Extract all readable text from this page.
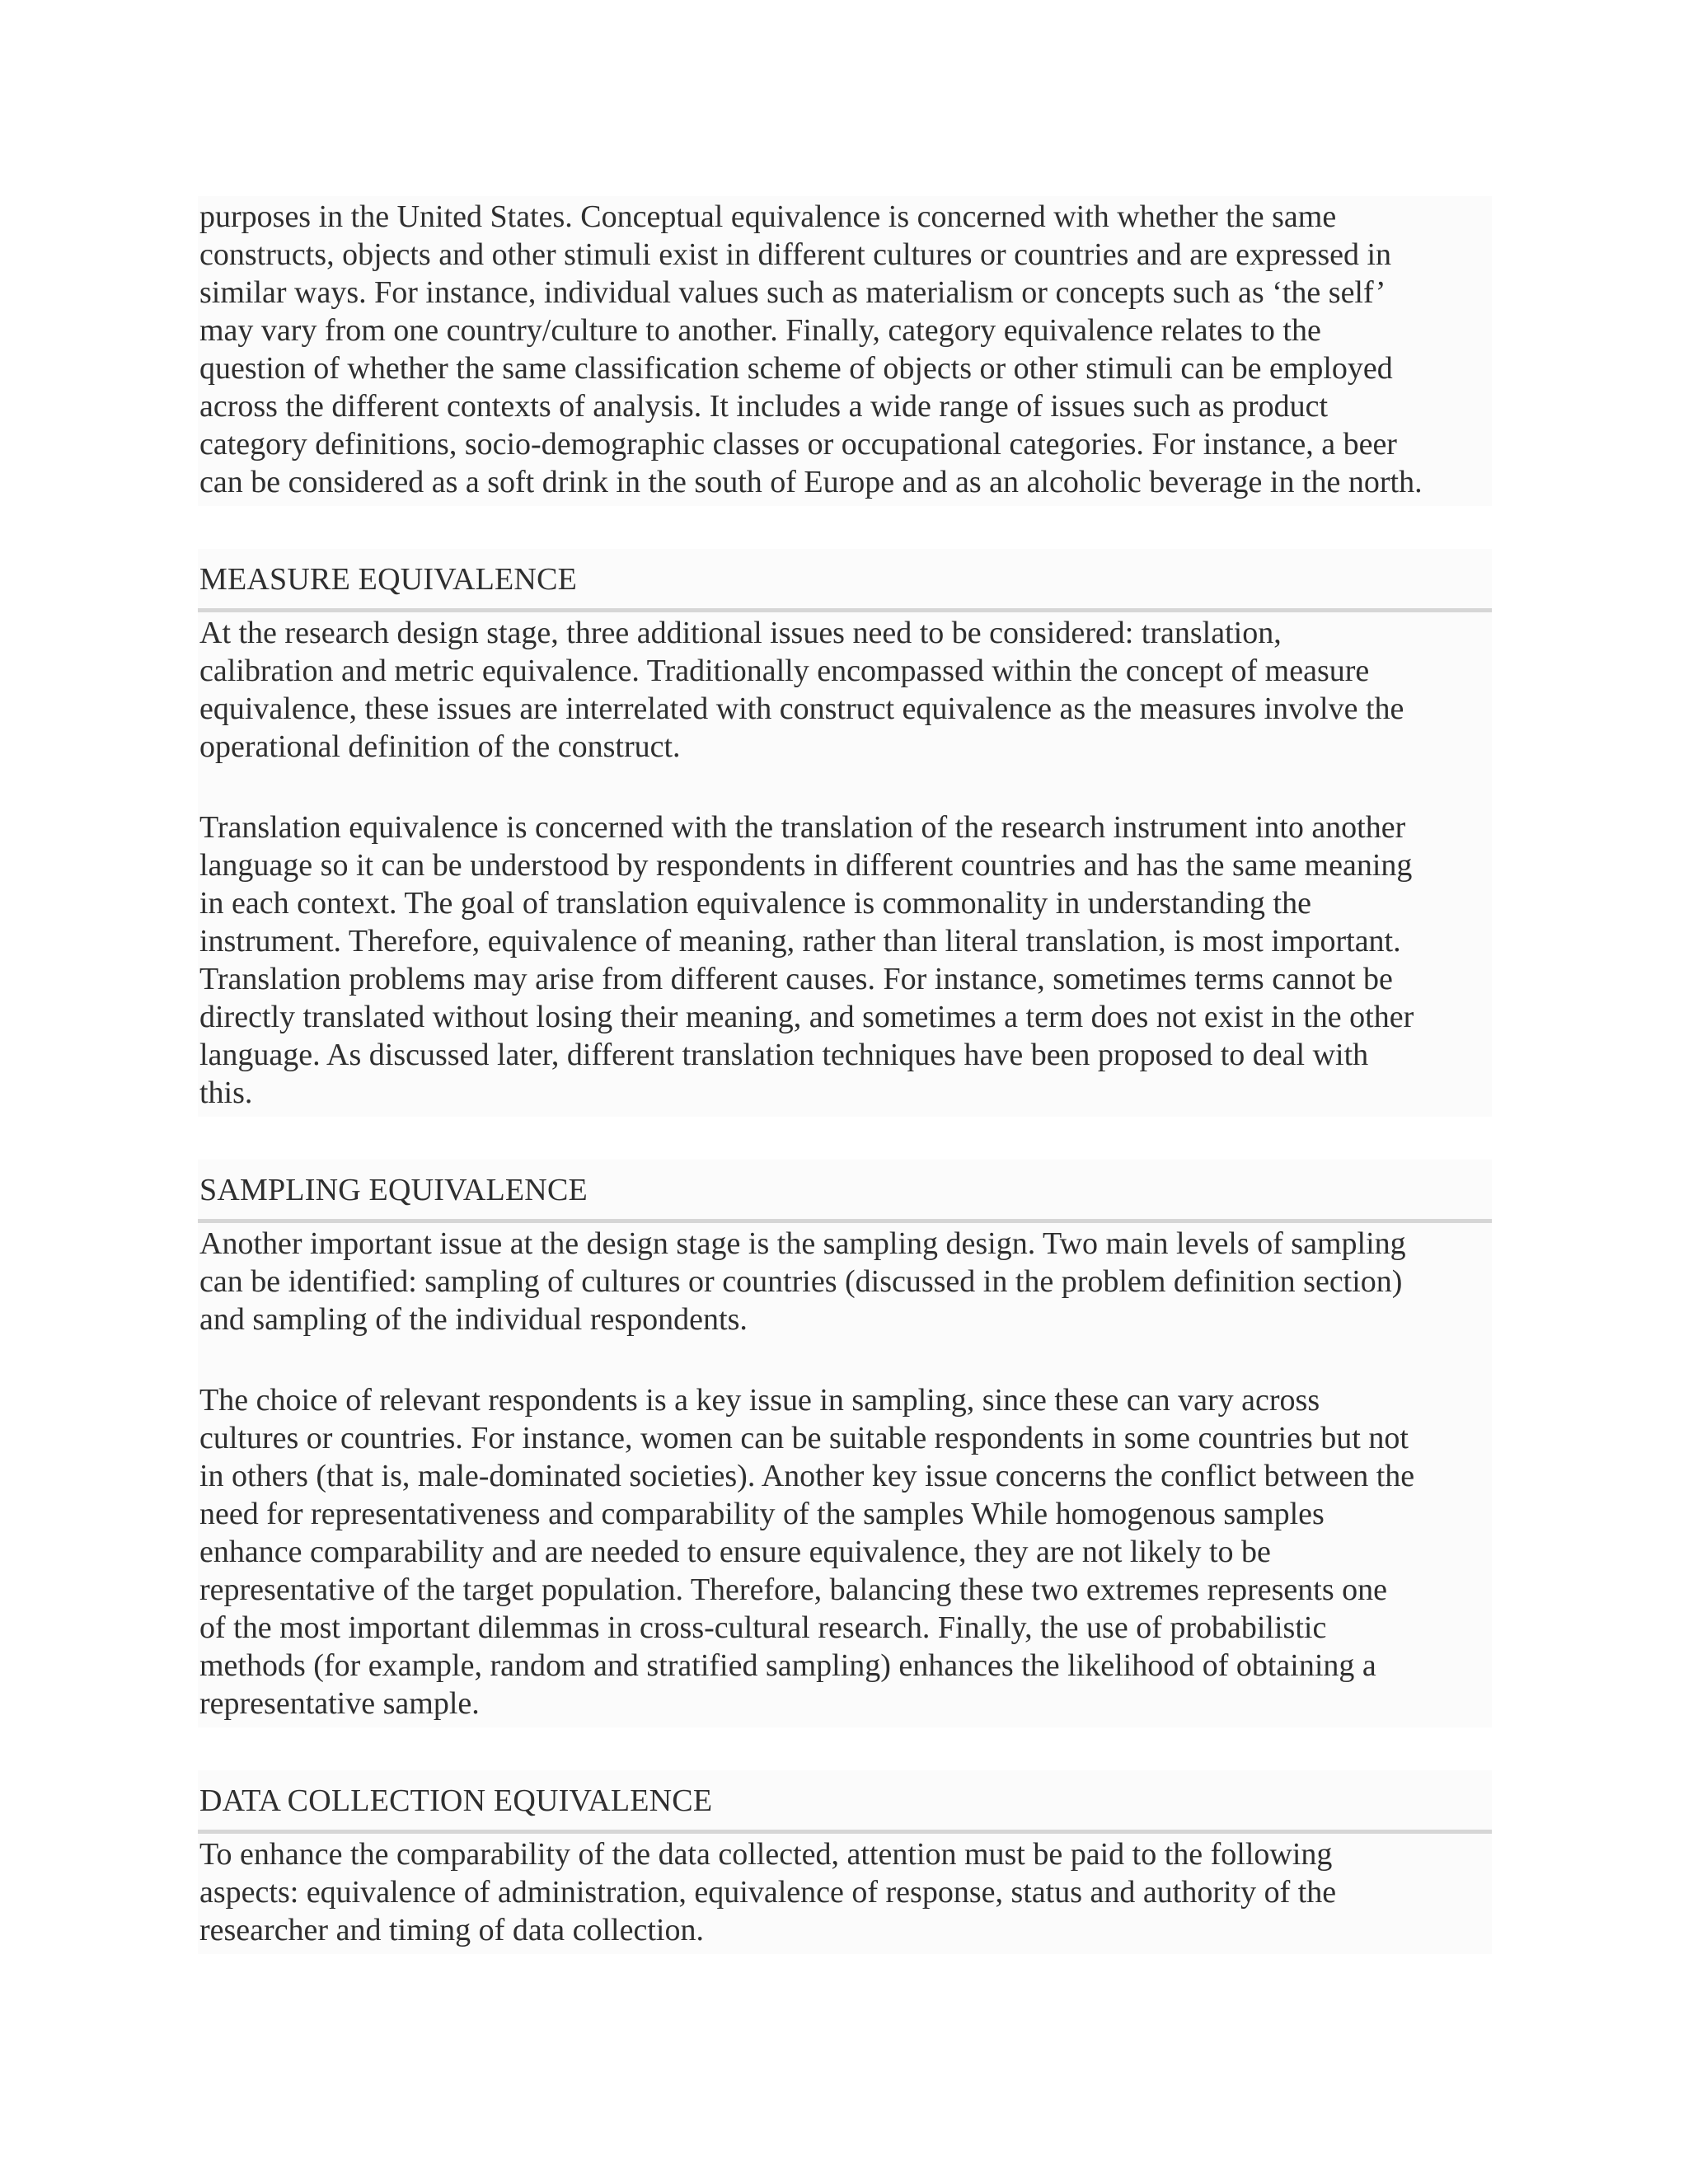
purposes in the United States. Conceptual equivalence is concerned with whether the same
constructs, objects and other stimuli exist in different cultures or countries and are expressed in
similar ways. For instance, individual values such as materialism or concepts such as ‘the self’
may vary from one country/culture to another. Finally, category equivalence relates to the
question of whether the same classification scheme of objects or other stimuli can be employed
across the different contexts of analysis. It includes a wide range of issues such as product
category definitions, socio-demographic classes or occupational categories. For instance, a beer
can be considered as a soft drink in the south of Europe and as an alcoholic beverage in the north.
MEASURE EQUIVALENCE
At the research design stage, three additional issues need to be considered: translation,
calibration and metric equivalence. Traditionally encompassed within the concept of measure
equivalence, these issues are interrelated with construct equivalence as the measures involve the
operational definition of the construct.
Translation equivalence is concerned with the translation of the research instrument into another
language so it can be understood by respondents in different countries and has the same meaning
in each context. The goal of translation equivalence is commonality in understanding the
instrument. Therefore, equivalence of meaning, rather than literal translation, is most important.
Translation problems may arise from different causes. For instance, sometimes terms cannot be
directly translated without losing their meaning, and sometimes a term does not exist in the other
language. As discussed later, different translation techniques have been proposed to deal with
this.
SAMPLING EQUIVALENCE
Another important issue at the design stage is the sampling design. Two main levels of sampling
can be identified: sampling of cultures or countries (discussed in the problem definition section)
and sampling of the individual respondents.
The choice of relevant respondents is a key issue in sampling, since these can vary across
cultures or countries. For instance, women can be suitable respondents in some countries but not
in others (that is, male-dominated societies). Another key issue concerns the conflict between the
need for representativeness and comparability of the samples While homogenous samples
enhance comparability and are needed to ensure equivalence, they are not likely to be
representative of the target population. Therefore, balancing these two extremes represents one
of the most important dilemmas in cross-cultural research. Finally, the use of probabilistic
methods (for example, random and stratified sampling) enhances the likelihood of obtaining a
representative sample.
DATA COLLECTION EQUIVALENCE
To enhance the comparability of the data collected, attention must be paid to the following
aspects: equivalence of administration, equivalence of response, status and authority of the
researcher and timing of data collection.
